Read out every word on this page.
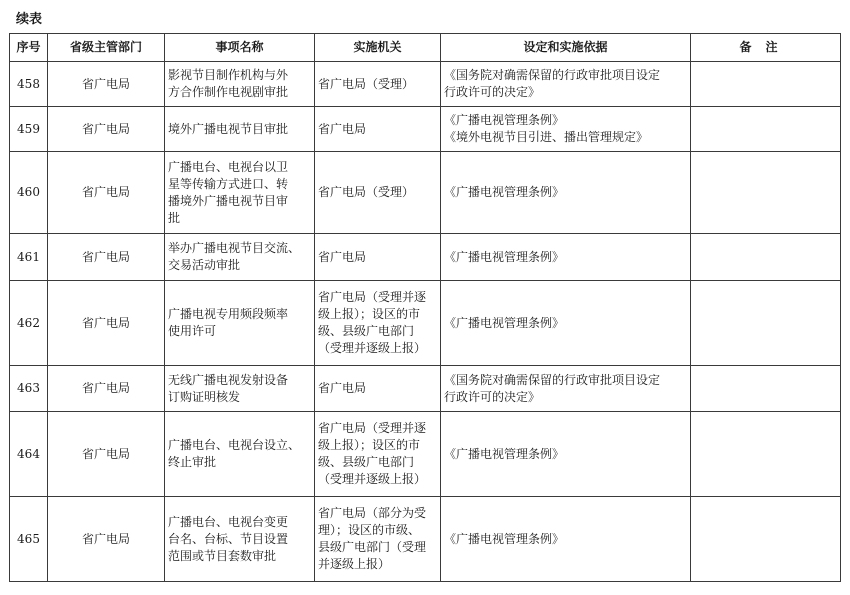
续表
序号	省级主管部门	事项名称	实施机关	设定和实施依据	备注
458	省广电局	影视节目制作机构与外
方合作制作电视剧审批	省广电局（受理）	《国务院对确需保留的行政审批项目设定
行政许可的决定》	

459	省广电局	境外广播电视节目审批	省广电局	《广播电视管理条例》
《境外电视节目引进、播出管理规定》	

460	省广电局	广播电台、电视台以卫
星等传输方式进口、转
播境外广播电视节目审
批	省广电局（受理）	《广播电视管理条例》	

461	省广电局	举办广播电视节目交流、
交易活动审批	省广电局	《广播电视管理条例》	

462	省广电局	广播电视专用频段频率
使用许可	省广电局（受理并逐
级上报）；设区的市
级、县级广电部门
（受理并逐级上报）	《广播电视管理条例》	

463	省广电局	无线广播电视发射设备
订购证明核发	省广电局	《国务院对确需保留的行政审批项目设定
行政许可的决定》	

464	省广电局	广播电台、电视台设立、
终止审批	省广电局（受理并逐
级上报）；设区的市
级、县级广电部门
（受理并逐级上报）	《广播电视管理条例》	

465	省广电局	广播电台、电视台变更
台名、台标、节目设置
范围或节目套数审批	省广电局（部分为受
理）；设区的市级、
县级广电部门（受理
并逐级上报）	《广播电视管理条例》	
